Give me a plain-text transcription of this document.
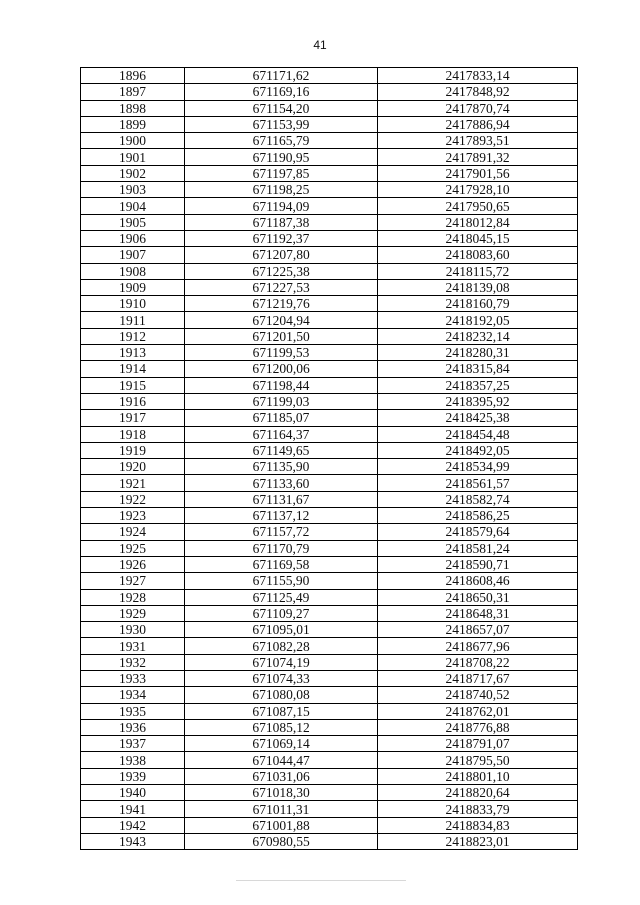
41
1896	671171,62	2417833,14
1897	671169,16	2417848,92
1898	671154,20	2417870,74
1899	671153,99	2417886,94
1900	671165,79	2417893,51
1901	671190,95	2417891,32
1902	671197,85	2417901,56
1903	671198,25	2417928,10
1904	671194,09	2417950,65
1905	671187,38	2418012,84
1906	671192,37	2418045,15
1907	671207,80	2418083,60
1908	671225,38	2418115,72
1909	671227,53	2418139,08
1910	671219,76	2418160,79
1911	671204,94	2418192,05
1912	671201,50	2418232,14
1913	671199,53	2418280,31
1914	671200,06	2418315,84
1915	671198,44	2418357,25
1916	671199,03	2418395,92
1917	671185,07	2418425,38
1918	671164,37	2418454,48
1919	671149,65	2418492,05
1920	671135,90	2418534,99
1921	671133,60	2418561,57
1922	671131,67	2418582,74
1923	671137,12	2418586,25
1924	671157,72	2418579,64
1925	671170,79	2418581,24
1926	671169,58	2418590,71
1927	671155,90	2418608,46
1928	671125,49	2418650,31
1929	671109,27	2418648,31
1930	671095,01	2418657,07
1931	671082,28	2418677,96
1932	671074,19	2418708,22
1933	671074,33	2418717,67
1934	671080,08	2418740,52
1935	671087,15	2418762,01
1936	671085,12	2418776,88
1937	671069,14	2418791,07
1938	671044,47	2418795,50
1939	671031,06	2418801,10
1940	671018,30	2418820,64
1941	671011,31	2418833,79
1942	671001,88	2418834,83
1943	670980,55	2418823,01
